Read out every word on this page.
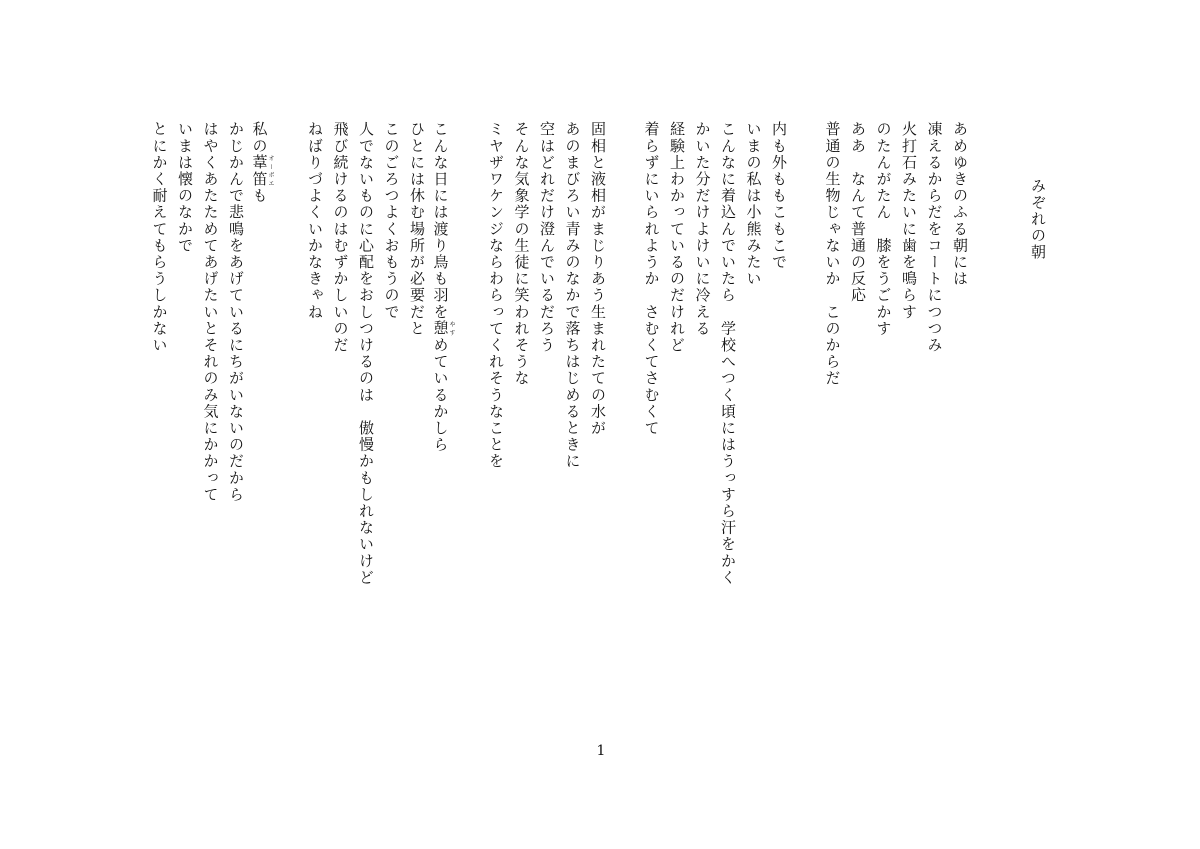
みぞれの朝
あめゆきのふる朝には
凍えるからだをコートにつつみ
火打石みたいに歯を鳴らす
のたんがたん　膝をうごかす
ああ　なんて普通の反応
普通の生物じゃないか　このからだ
内も外ももこもこで
いまの私は小熊みたい
こんなに着込んでいたら　学校へつく頃にはうっすら汗をかく
かいた分だけよけいに冷える
経験上わかっているのだけれど
着らずにいられようか　さむくてさむくて
固相と液相がまじりあう生まれたての水が
あのまびろい青みのなかで落ちはじめるときに
空はどれだけ澄んでいるだろう
そんな気象学の生徒に笑われそうな
ミヤザワケンジならわらってくれそうなことを
こんな日には渡り鳥も羽を憩やすめているかしら
ひとには休む場所が必要だと
このごろつよくおもうので
人でないものに心配をおしつけるのは　傲慢かもしれないけど
飛び続けるのはむずかしいのだ
ねばりづよくいかなきゃね
私の葦笛オーボエも
かじかんで悲鳴をあげているにちがいないのだから
はやくあたためてあげたいとそれのみ気にかかって
いまは懐のなかで
とにかく耐えてもらうしかない
1
